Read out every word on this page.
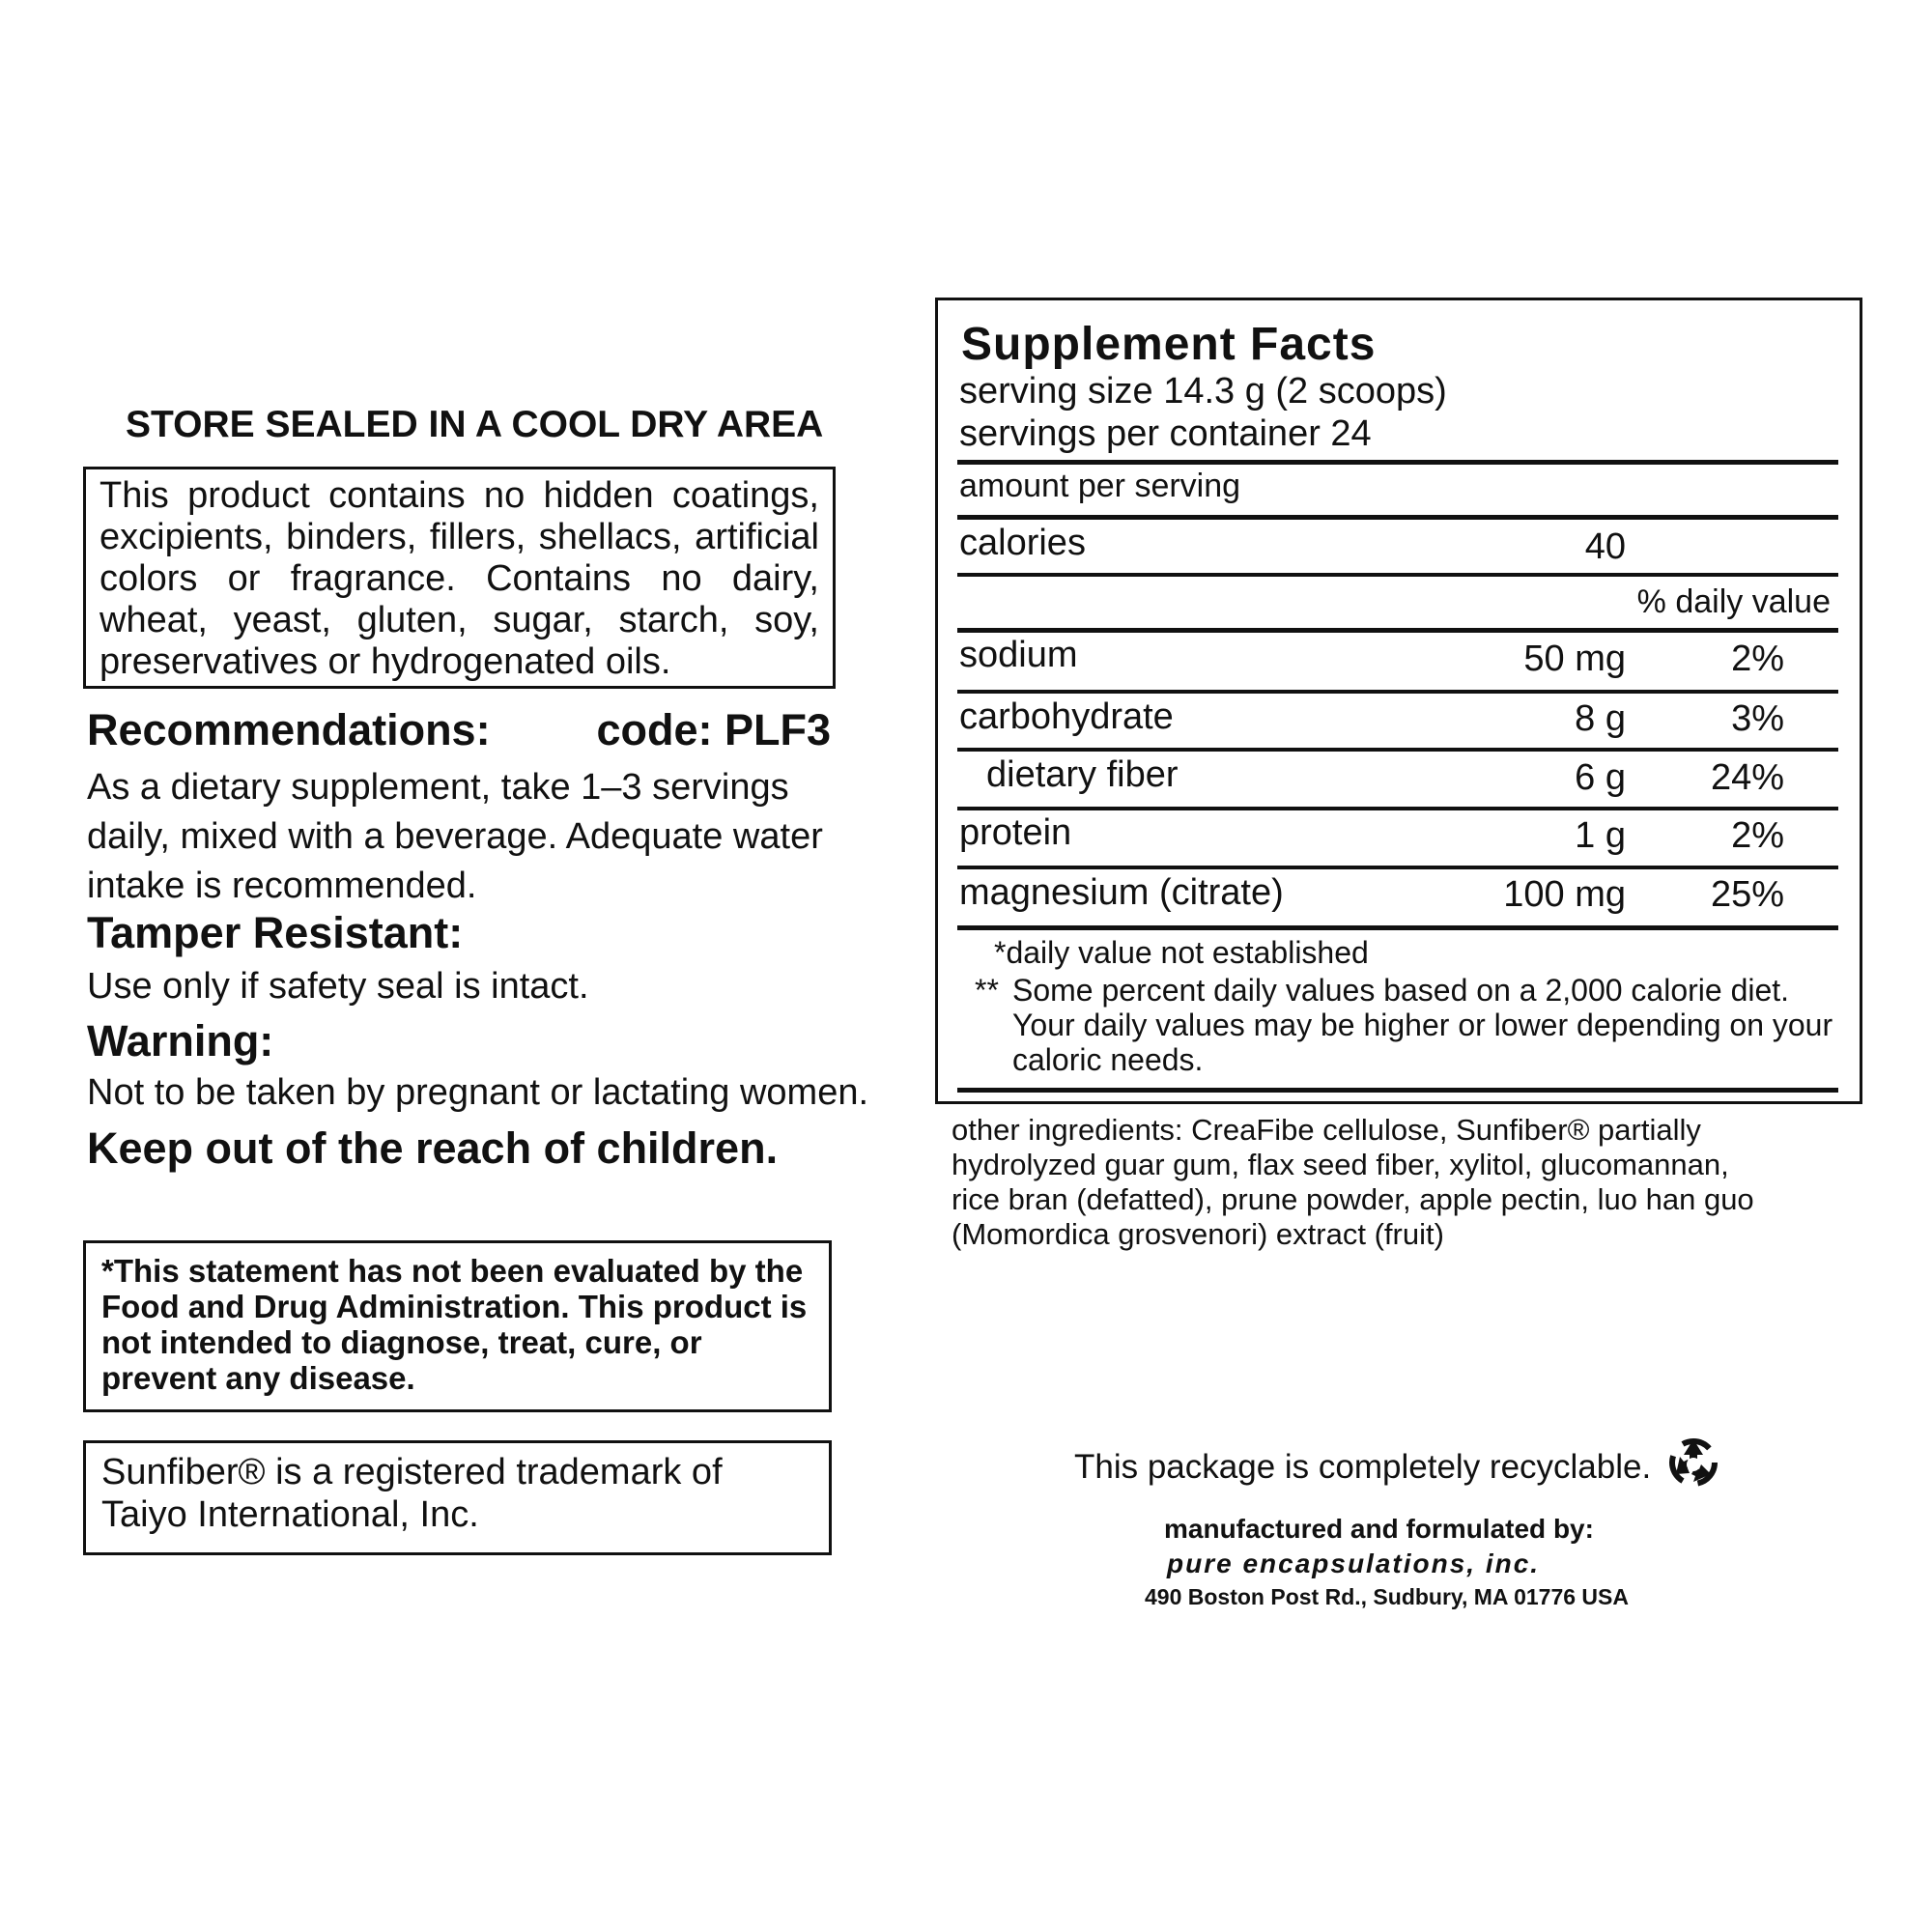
STORE SEALED IN A COOL DRY AREA
This product contains no hidden coatings, excipients, binders, fillers, shellacs, artificial colors or fragrance. Contains no dairy, wheat, yeast, gluten, sugar, starch, soy, preservatives or hydrogenated oils.
Recommendations: code: PLF3
As a dietary supplement, take 1–3 servings daily, mixed with a beverage. Adequate water intake is recommended.
Tamper Resistant:
Use only if safety seal is intact.
Warning:
Not to be taken by pregnant or lactating women.
Keep out of the reach of children.
*This statement has not been evaluated by the Food and Drug Administration. This product is not intended to diagnose, treat, cure, or prevent any disease.
Sunfiber® is a registered trademark of Taiyo International, Inc.
Supplement Facts
serving size 14.3 g (2 scoops)
servings per container 24
amount per serving
calories	40
% daily value
sodium	50 mg	2%
carbohydrate	8 g	3%
dietary fiber	6 g 24%
protein	1 g	2%
magnesium (citrate)	100 mg 25%
*daily value not established
** Some percent daily values based on a 2,000 calorie diet. Your daily values may be higher or lower depending on your caloric needs.
other ingredients: CreaFibe cellulose, Sunfiber® partially hydrolyzed guar gum, flax seed fiber, xylitol, glucomannan, rice bran (defatted), prune powder, apple pectin, luo han guo (Momordica grosvenori) extract (fruit)
This package is completely recyclable.
manufactured and formulated by:
pure encapsulations, inc.
490 Boston Post Rd., Sudbury, MA 01776 USA
